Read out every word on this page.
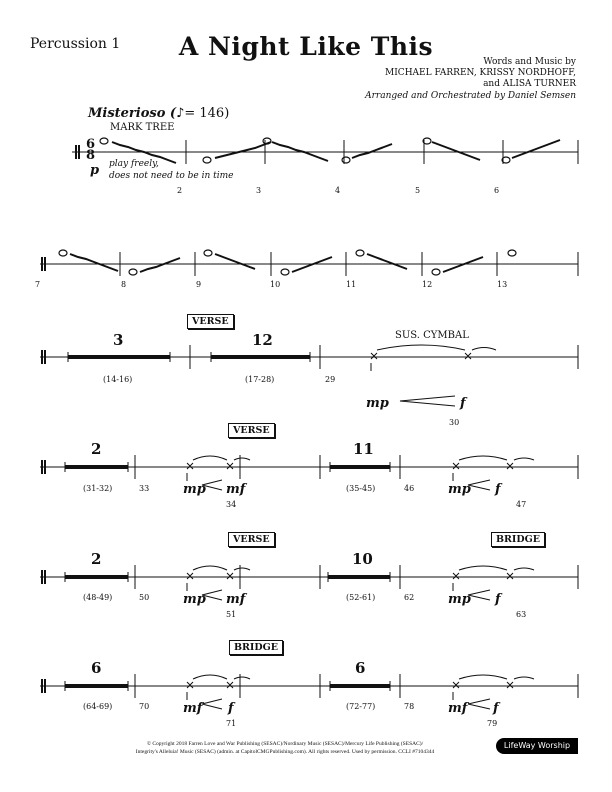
Percussion 1	A Night Like This
Words and Music by
MICHAEL FARREN, KRISSY NORDHOFF,
and ALISA TURNER
Arranged and Orchestrated by Daniel Semsen
Misterioso (♪= 146)
MARK TREE
6
8
p play freely,
does not need to be in time
2	3	4	5	6
7	8	9	10	11	12	13
VERSE
3
(14-16)
12
(17-28)	29
SUS. CYMBAL
mp	f
30
VERSE
2
(31-32)	33	mp mf
34
11
(35-45)	46	mp f
47
VERSE	BRIDGE
2
(48-49)	50	mp mf
51
10
(52-61)	62	mp f
63
BRIDGE
6
(64-69)	70	mf f
71
6
(72-77)	78	mf f
79
© Copyright 2018 Farren Love and War Publishing (SESAC)/Nordinary Music (SESAC)/Mercury Life Publishing (SESAC)/
Integrity's Alleluia! Music (SESAC) (admin. at CapitolCMGPublishing.com). All rights reserved. Used by permission. CCLI #7104344
LifeWay Worship
